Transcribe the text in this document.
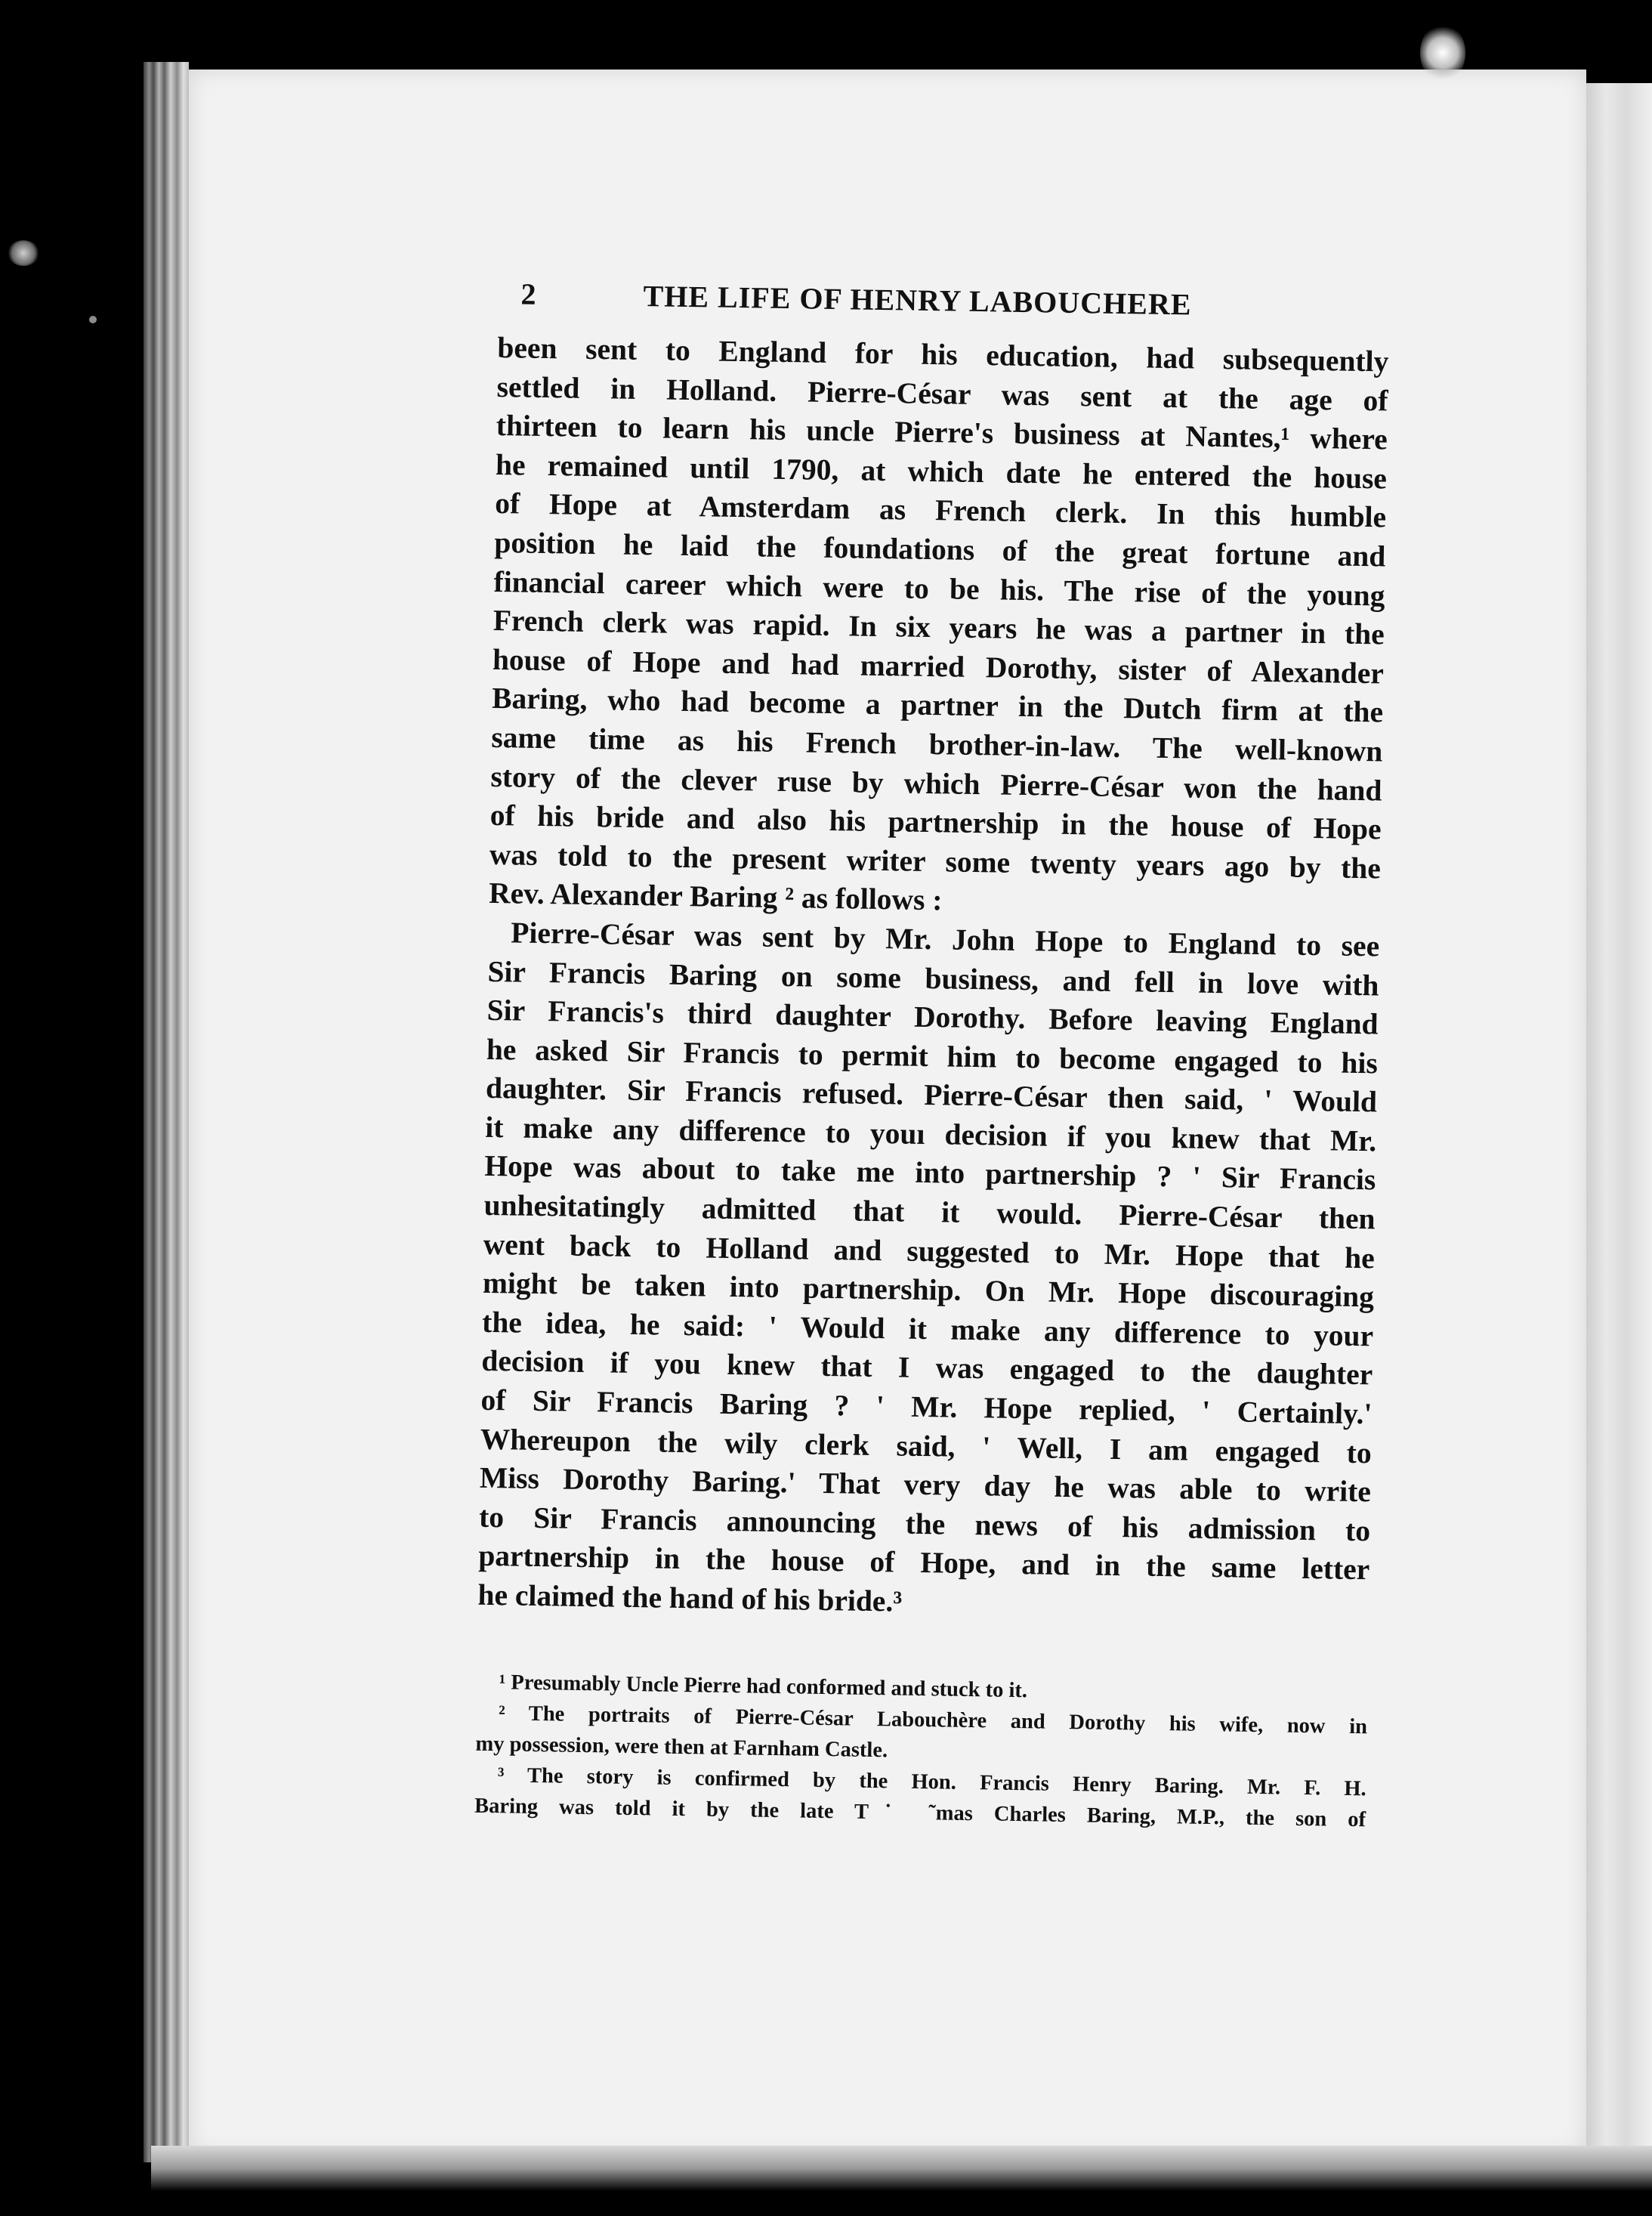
2	THE LIFE OF HENRY LABOUCHERE
been sent to England for his education, had subsequently
settled in Holland. Pierre-César was sent at the age of
thirteen to learn his uncle Pierre's business at Nantes,¹ where
he remained until 1790, at which date he entered the house
of Hope at Amsterdam as French clerk. In this humble
position he laid the foundations of the great fortune and
financial career which were to be his. The rise of the young
French clerk was rapid. In six years he was a partner in the
house of Hope and had married Dorothy, sister of Alexander
Baring, who had become a partner in the Dutch firm at the
same time as his French brother-in-law. The well-known
story of the clever ruse by which Pierre-César won the hand
of his bride and also his partnership in the house of Hope
was told to the present writer some twenty years ago by the
Rev. Alexander Baring ² as follows :
Pierre-César was sent by Mr. John Hope to England to see
Sir Francis Baring on some business, and fell in love with
Sir Francis's third daughter Dorothy. Before leaving England
he asked Sir Francis to permit him to become engaged to his
daughter. Sir Francis refused. Pierre-César then said, ' Would
it make any difference to youı decision if you knew that Mr.
Hope was about to take me into partnership ? ' Sir Francis
unhesitatingly admitted that it would. Pierre-César then
went back to Holland and suggested to Mr. Hope that he
might be taken into partnership. On Mr. Hope discouraging
the idea, he said: ' Would it make any difference to your
decision if you knew that I was engaged to the daughter
of Sir Francis Baring ? ' Mr. Hope replied, ' Certainly.'
Whereupon the wily clerk said, ' Well, I am engaged to
Miss Dorothy Baring.' That very day he was able to write
to Sir Francis announcing the news of his admission to
partnership in the house of Hope, and in the same letter
he claimed the hand of his bride.³
¹ Presumably Uncle Pierre had conformed and stuck to it.
² The portraits of Pierre-César Labouchère and Dorothy his wife, now in
my possession, were then at Farnham Castle.
³ The story is confirmed by the Hon. Francis Henry Baring. Mr. F. H.
Baring was told it by the late T˙ ˜mas Charles Baring, M.P., the son of
